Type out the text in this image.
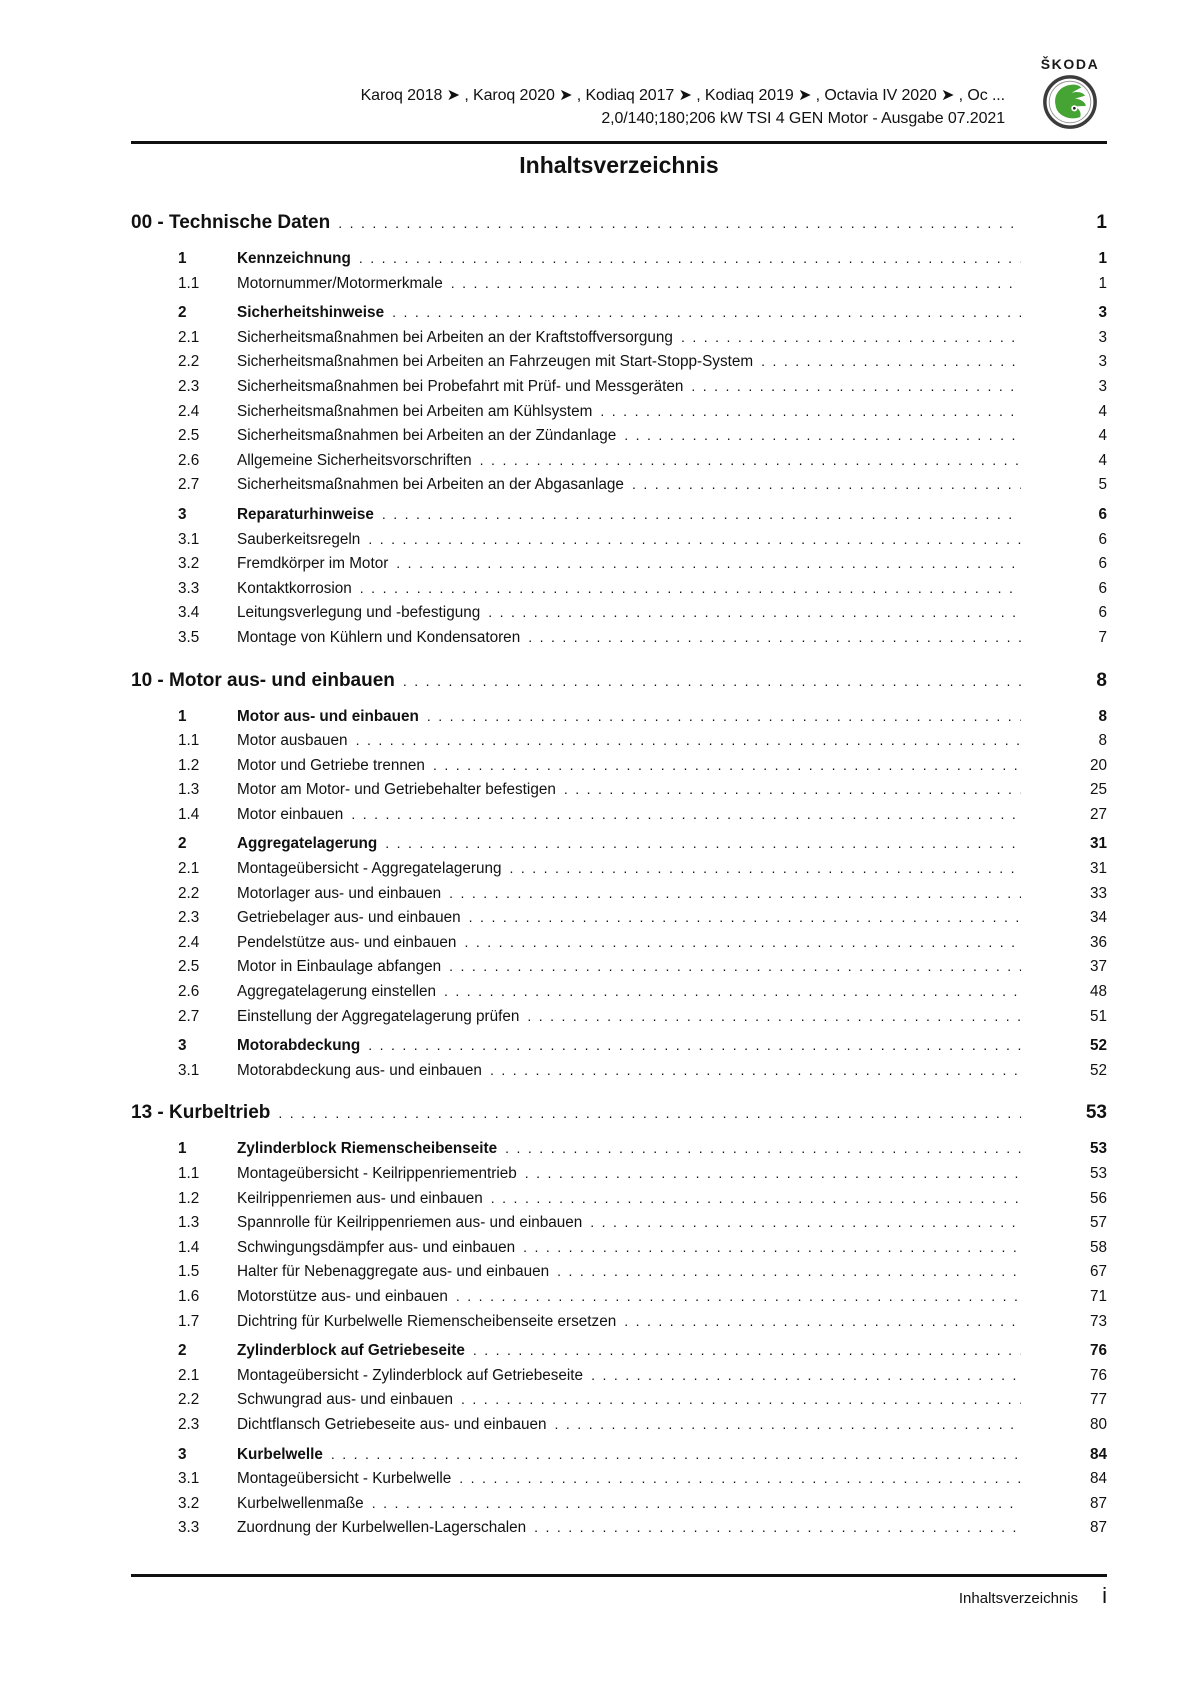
Karoq 2018 ➤ , Karoq 2020 ➤ , Kodiaq 2017 ➤ , Kodiaq 2019 ➤ , Octavia IV 2020 ➤ , Oc ...
2,0/140;180;206 kW TSI 4 GEN Motor - Ausgabe 07.2021
ŠKODA
Inhaltsverzeichnis
00 - Technische Daten .....	1
1	Kennzeichnung .....	1
1.1	Motornummer/Motormerkmale .....	1
2	Sicherheitshinweise .....	3
2.1	Sicherheitsmaßnahmen bei Arbeiten an der Kraftstoffversorgung .....	3
2.2	Sicherheitsmaßnahmen bei Arbeiten an Fahrzeugen mit Start-Stopp-System .....	3
2.3	Sicherheitsmaßnahmen bei Probefahrt mit Prüf- und Messgeräten .....	3
2.4	Sicherheitsmaßnahmen bei Arbeiten am Kühlsystem .....	4
2.5	Sicherheitsmaßnahmen bei Arbeiten an der Zündanlage .....	4
2.6	Allgemeine Sicherheitsvorschriften .....	4
2.7	Sicherheitsmaßnahmen bei Arbeiten an der Abgasanlage .....	5
3	Reparaturhinweise .....	6
3.1	Sauberkeitsregeln .....	6
3.2	Fremdkörper im Motor .....	6
3.3	Kontaktkorrosion .....	6
3.4	Leitungsverlegung und -befestigung .....	6
3.5	Montage von Kühlern und Kondensatoren .....	7
10 - Motor aus- und einbauen .....	8
1	Motor aus- und einbauen .....	8
1.1	Motor ausbauen .....	8
1.2	Motor und Getriebe trennen .....	20
1.3	Motor am Motor- und Getriebehalter befestigen .....	25
1.4	Motor einbauen .....	27
2	Aggregatelagerung .....	31
2.1	Montageübersicht - Aggregatelagerung .....	31
2.2	Motorlager aus- und einbauen .....	33
2.3	Getriebelager aus- und einbauen .....	34
2.4	Pendelstütze aus- und einbauen .....	36
2.5	Motor in Einbaulage abfangen .....	37
2.6	Aggregatelagerung einstellen .....	48
2.7	Einstellung der Aggregatelagerung prüfen .....	51
3	Motorabdeckung .....	52
3.1	Motorabdeckung aus- und einbauen .....	52
13 - Kurbeltrieb .....	53
1	Zylinderblock Riemenscheibenseite .....	53
1.1	Montageübersicht - Keilrippenriementrieb .....	53
1.2	Keilrippenriemen aus- und einbauen .....	56
1.3	Spannrolle für Keilrippenriemen aus- und einbauen .....	57
1.4	Schwingungsdämpfer aus- und einbauen .....	58
1.5	Halter für Nebenaggregate aus- und einbauen .....	67
1.6	Motorstütze aus- und einbauen .....	71
1.7	Dichtring für Kurbelwelle Riemenscheibenseite ersetzen .....	73
2	Zylinderblock auf Getriebeseite .....	76
2.1	Montageübersicht - Zylinderblock auf Getriebeseite .....	76
2.2	Schwungrad aus- und einbauen .....	77
2.3	Dichtflansch Getriebeseite aus- und einbauen .....	80
3	Kurbelwelle .....	84
3.1	Montageübersicht - Kurbelwelle .....	84
3.2	Kurbelwellenmaße .....	87
3.3	Zuordnung der Kurbelwellen-Lagerschalen .....	87
Inhaltsverzeichnis i
